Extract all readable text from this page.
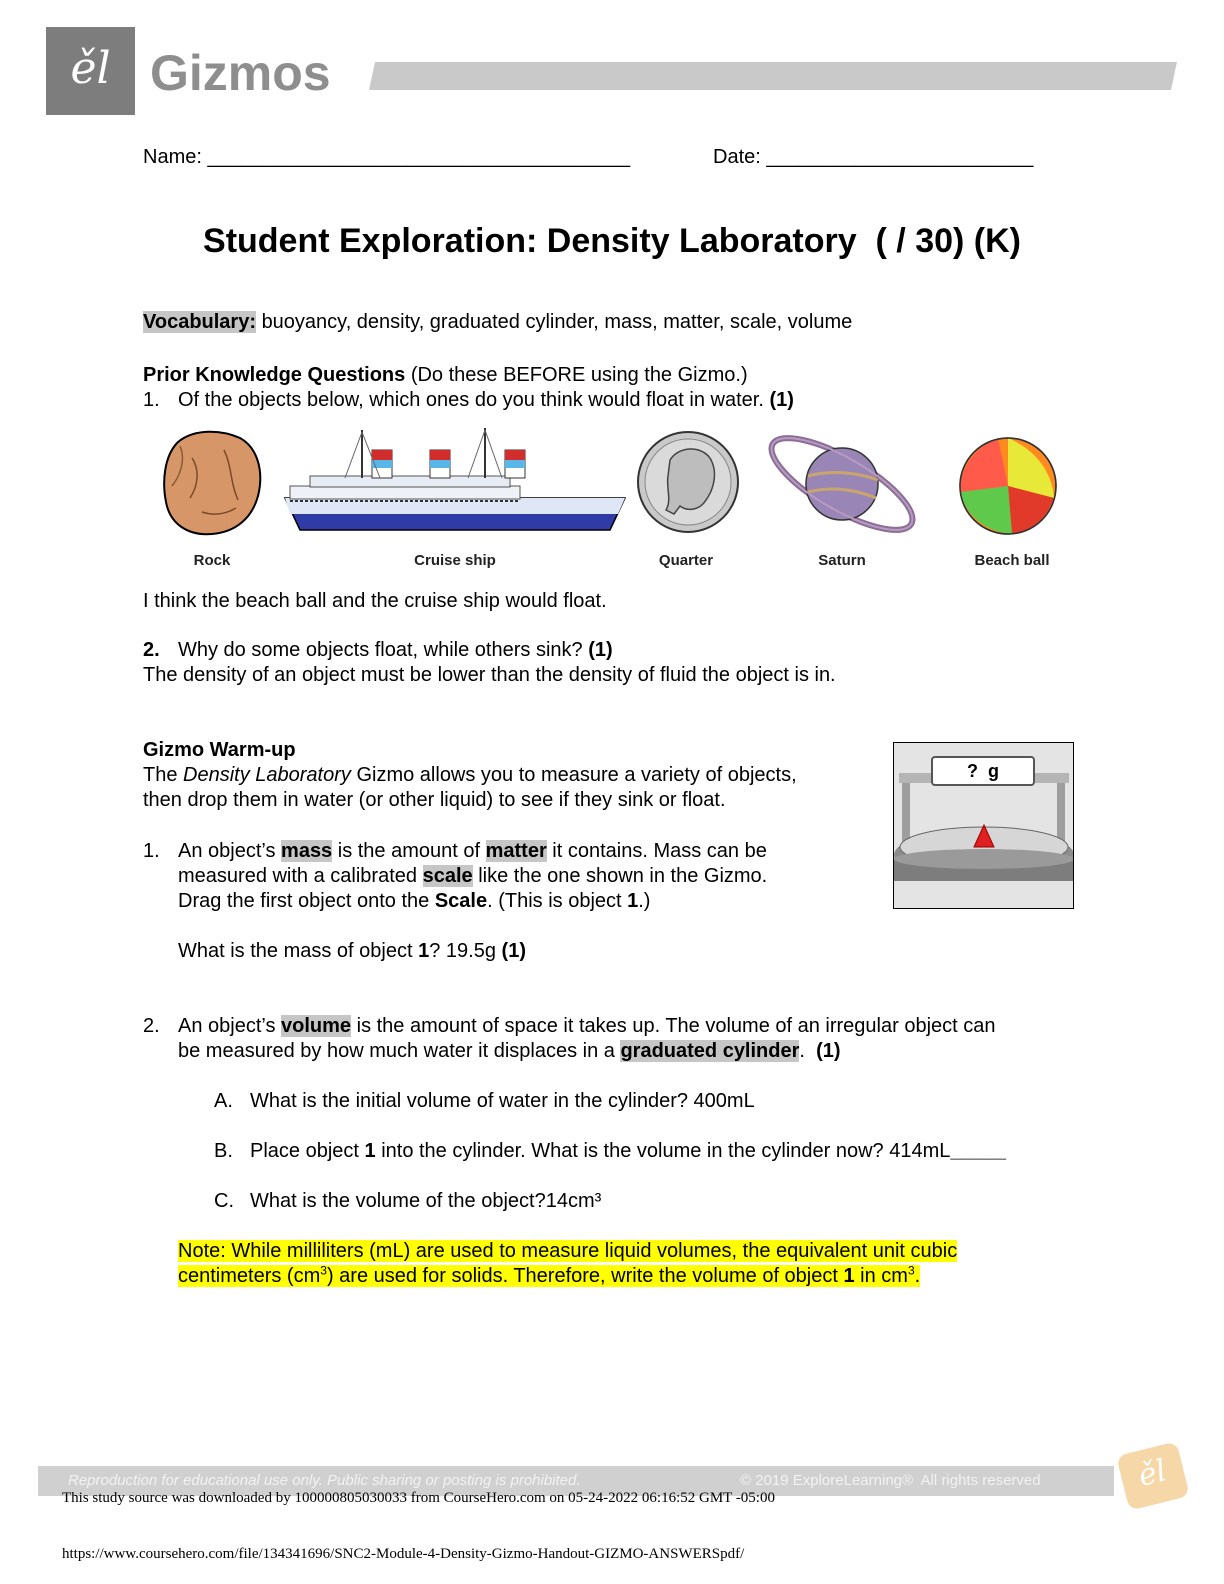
ěl Gizmos
Name: ______________________________________	Date: ________________________
Student Exploration: Density Laboratory  ( / 30) (K)
Vocabulary: buoyancy, density, graduated cylinder, mass, matter, scale, volume
Prior Knowledge Questions (Do these BEFORE using the Gizmo.)
1. Of the objects below, which ones do you think would float in water. (1)
Rock	Cruise ship	Quarter	Saturn	Beach ball
I think the beach ball and the cruise ship would float.
2. Why do some objects float, while others sink? (1)
The density of an object must be lower than the density of fluid the object is in.
Gizmo Warm-up
The Density Laboratory Gizmo allows you to measure a variety of objects,
then drop them in water (or other liquid) to see if they sink or float.
?  g
1. An object’s mass is the amount of matter it contains. Mass can be
measured with a calibrated scale like the one shown in the Gizmo.
Drag the first object onto the Scale. (This is object 1.)
What is the mass of object 1? 19.5g (1)
2. An object’s volume is the amount of space it takes up. The volume of an irregular object can
be measured by how much water it displaces in a graduated cylinder.  (1)
A. What is the initial volume of water in the cylinder? 400mL
B. Place object 1 into the cylinder. What is the volume in the cylinder now? 414mL_____
C. What is the volume of the object?14cm³
Note: While milliliters (mL) are used to measure liquid volumes, the equivalent unit cubic
centimeters $(cm^3)$ are used for solids. Therefore, write the volume of object 1 in $cm^3$.
Reproduction for educational use only. Public sharing or posting is prohibited.	© 2019 ExploreLearning®  All rights reserved	ěl
This study source was downloaded by 100000805030033 from CourseHero.com on 05-24-2022 06:16:52 GMT -05:00
https://www.coursehero.com/file/134341696/SNC2-Module-4-Density-Gizmo-Handout-GIZMO-ANSWERSpdf/
